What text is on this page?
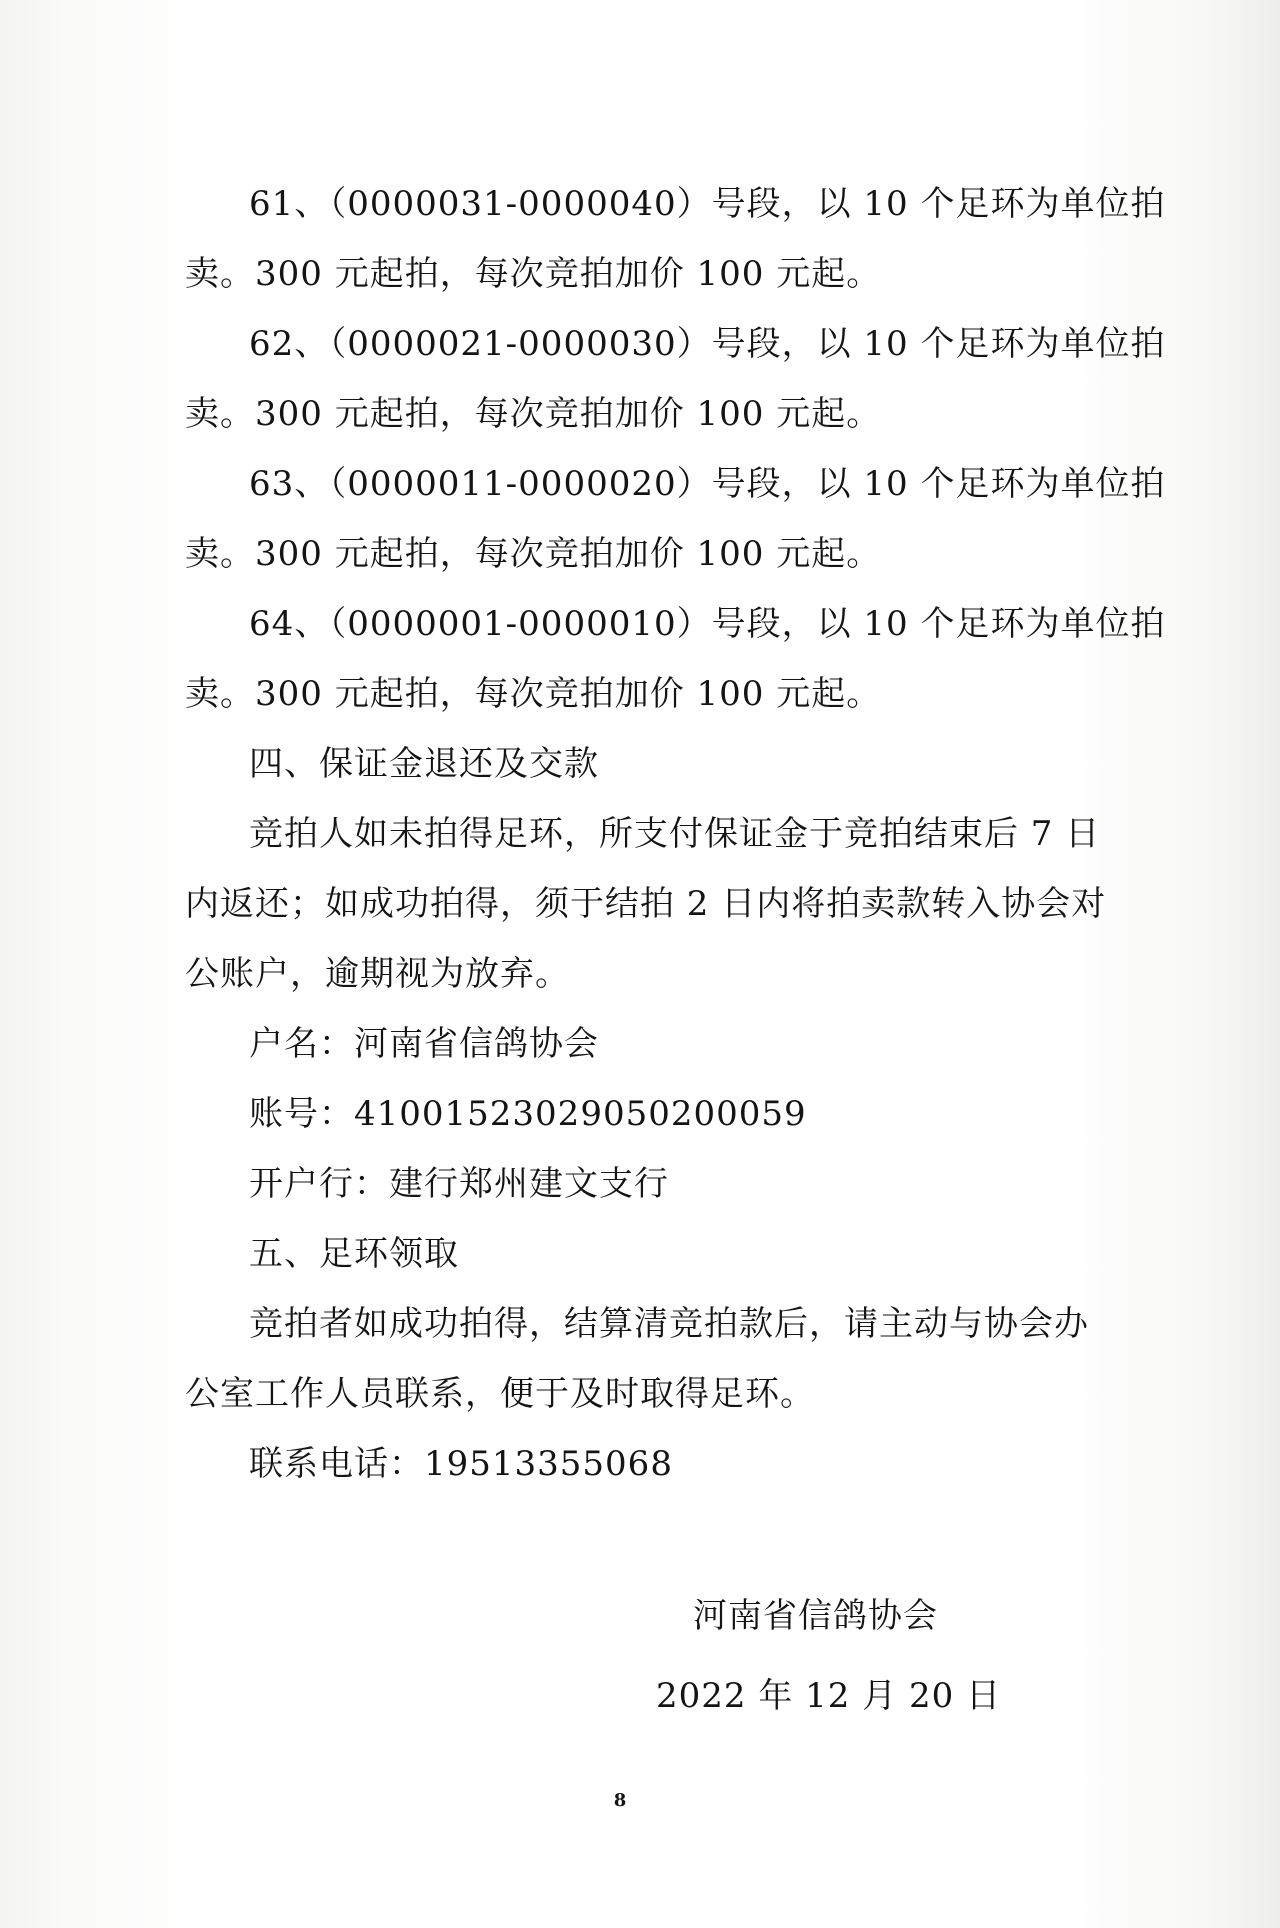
61、（0000031-0000040）号段，以 10 个足环为单位拍
卖。300 元起拍，每次竞拍加价 100 元起。
62、（0000021-0000030）号段，以 10 个足环为单位拍
卖。300 元起拍，每次竞拍加价 100 元起。
63、（0000011-0000020）号段，以 10 个足环为单位拍
卖。300 元起拍，每次竞拍加价 100 元起。
64、（0000001-0000010）号段，以 10 个足环为单位拍
卖。300 元起拍，每次竞拍加价 100 元起。
四、保证金退还及交款
竞拍人如未拍得足环，所支付保证金于竞拍结束后 7 日
内返还；如成功拍得，须于结拍 2 日内将拍卖款转入协会对
公账户，逾期视为放弃。
户名：河南省信鸽协会
账号：41001523029050200059
开户行：建行郑州建文支行
五、足环领取
竞拍者如成功拍得，结算清竞拍款后，请主动与协会办
公室工作人员联系，便于及时取得足环。
联系电话：19513355068
河南省信鸽协会
2022 年 12 月 20 日
8
